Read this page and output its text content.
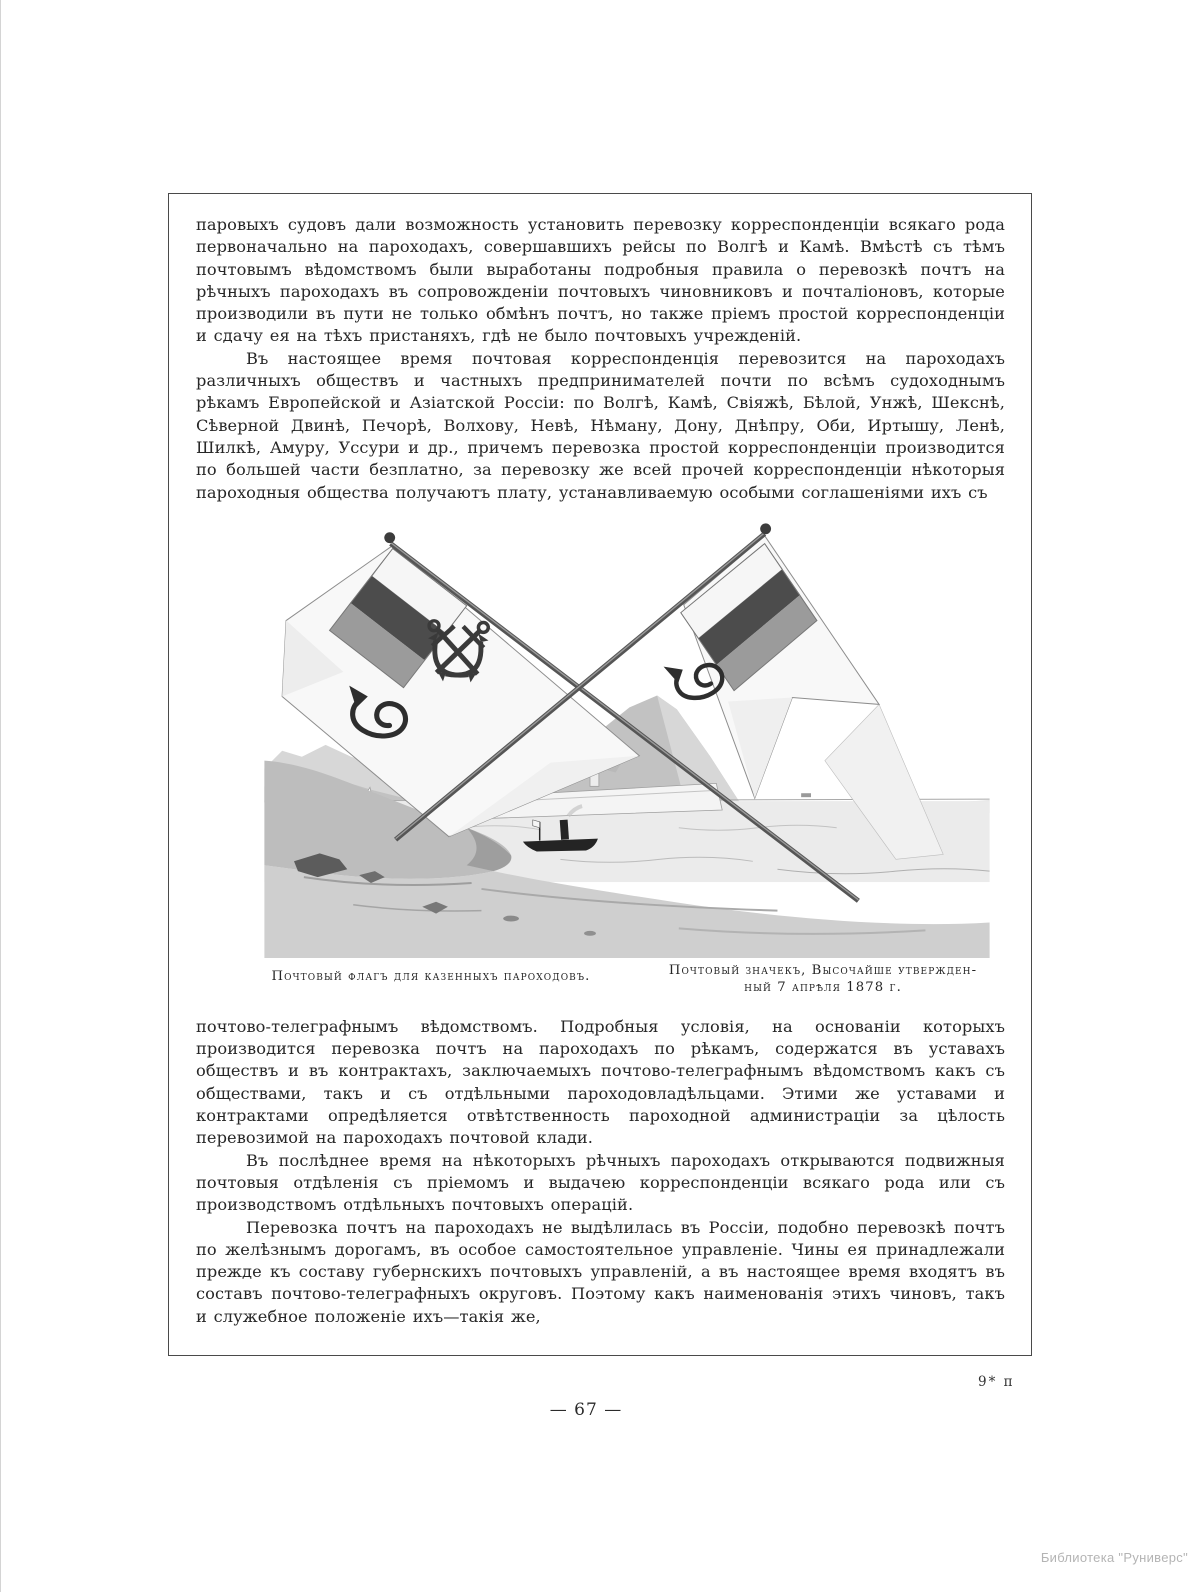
паровыхъ судовъ дали возможность установить перевозку корреспонденціи всякаго рода первоначально на пароходахъ, совершавшихъ рейсы по Волгѣ и Камѣ. Вмѣстѣ съ тѣмъ почтовымъ вѣдомствомъ были выработаны подробныя правила о перевозкѣ почтъ на рѣчныхъ пароходахъ въ сопровожденіи почтовыхъ чиновниковъ и почталіоновъ, которые производили въ пути не только обмѣнъ почтъ, но также пріемъ простой корреспонденціи и сдачу ея на тѣхъ пристаняхъ, гдѣ не было почтовыхъ учрежденій.

Въ настоящее время почтовая корреспонденція перевозится на пароходахъ различныхъ обществъ и частныхъ предпринимателей почти по всѣмъ судоходнымъ рѣкамъ Европейской и Азіатской Россіи: по Волгѣ, Камѣ, Свіяжѣ, Бѣлой, Унжѣ, Шекснѣ, Сѣверной Двинѣ, Печорѣ, Волхову, Невѣ, Нѣману, Дону, Днѣпру, Оби, Иртышу, Ленѣ, Шилкѣ, Амуру, Уссури и др., причемъ перевозка простой корреспонденціи производится по большей части безплатно, за перевозку же всей прочей корреспонденціи нѣкоторыя пароходныя общества получаютъ плату, устанавливаемую особыми соглашеніями ихъ съ

Почтовый флагъ для казенныхъ пароходовъ.	Почтовый значекъ, Высочайше утвержден-
ный 7 апрѣля 1878 г.

почтово-телеграфнымъ вѣдомствомъ. Подробныя условія, на основаніи которыхъ производится перевозка почтъ на пароходахъ по рѣкамъ, содержатся въ уставахъ обществъ и въ контрактахъ, заключаемыхъ почтово-телеграфнымъ вѣдомствомъ какъ съ обществами, такъ и съ отдѣльными пароходовладѣльцами. Этими же уставами и контрактами опредѣляется отвѣтственность пароходной администраціи за цѣлость перевозимой на пароходахъ почтовой клади.

Въ послѣднее время на нѣкоторыхъ рѣчныхъ пароходахъ открываются подвижныя почтовыя отдѣленія съ пріемомъ и выдачею корреспонденціи всякаго рода или съ производствомъ отдѣльныхъ почтовыхъ операцій.

Перевозка почтъ на пароходахъ не выдѣлилась въ Россіи, подобно перевозкѣ почтъ по желѣзнымъ дорогамъ, въ особое самостоятельное управленіе. Чины ея принадлежали прежде къ составу губернскихъ почтовыхъ управленій, а въ настоящее время входятъ въ составъ почтово-телеграфныхъ округовъ. Поэтому какъ наименованія этихъ чиновъ, такъ и служебное положеніе ихъ—такія же,

9* п
— 67 —
Библиотека "Руниверс"
